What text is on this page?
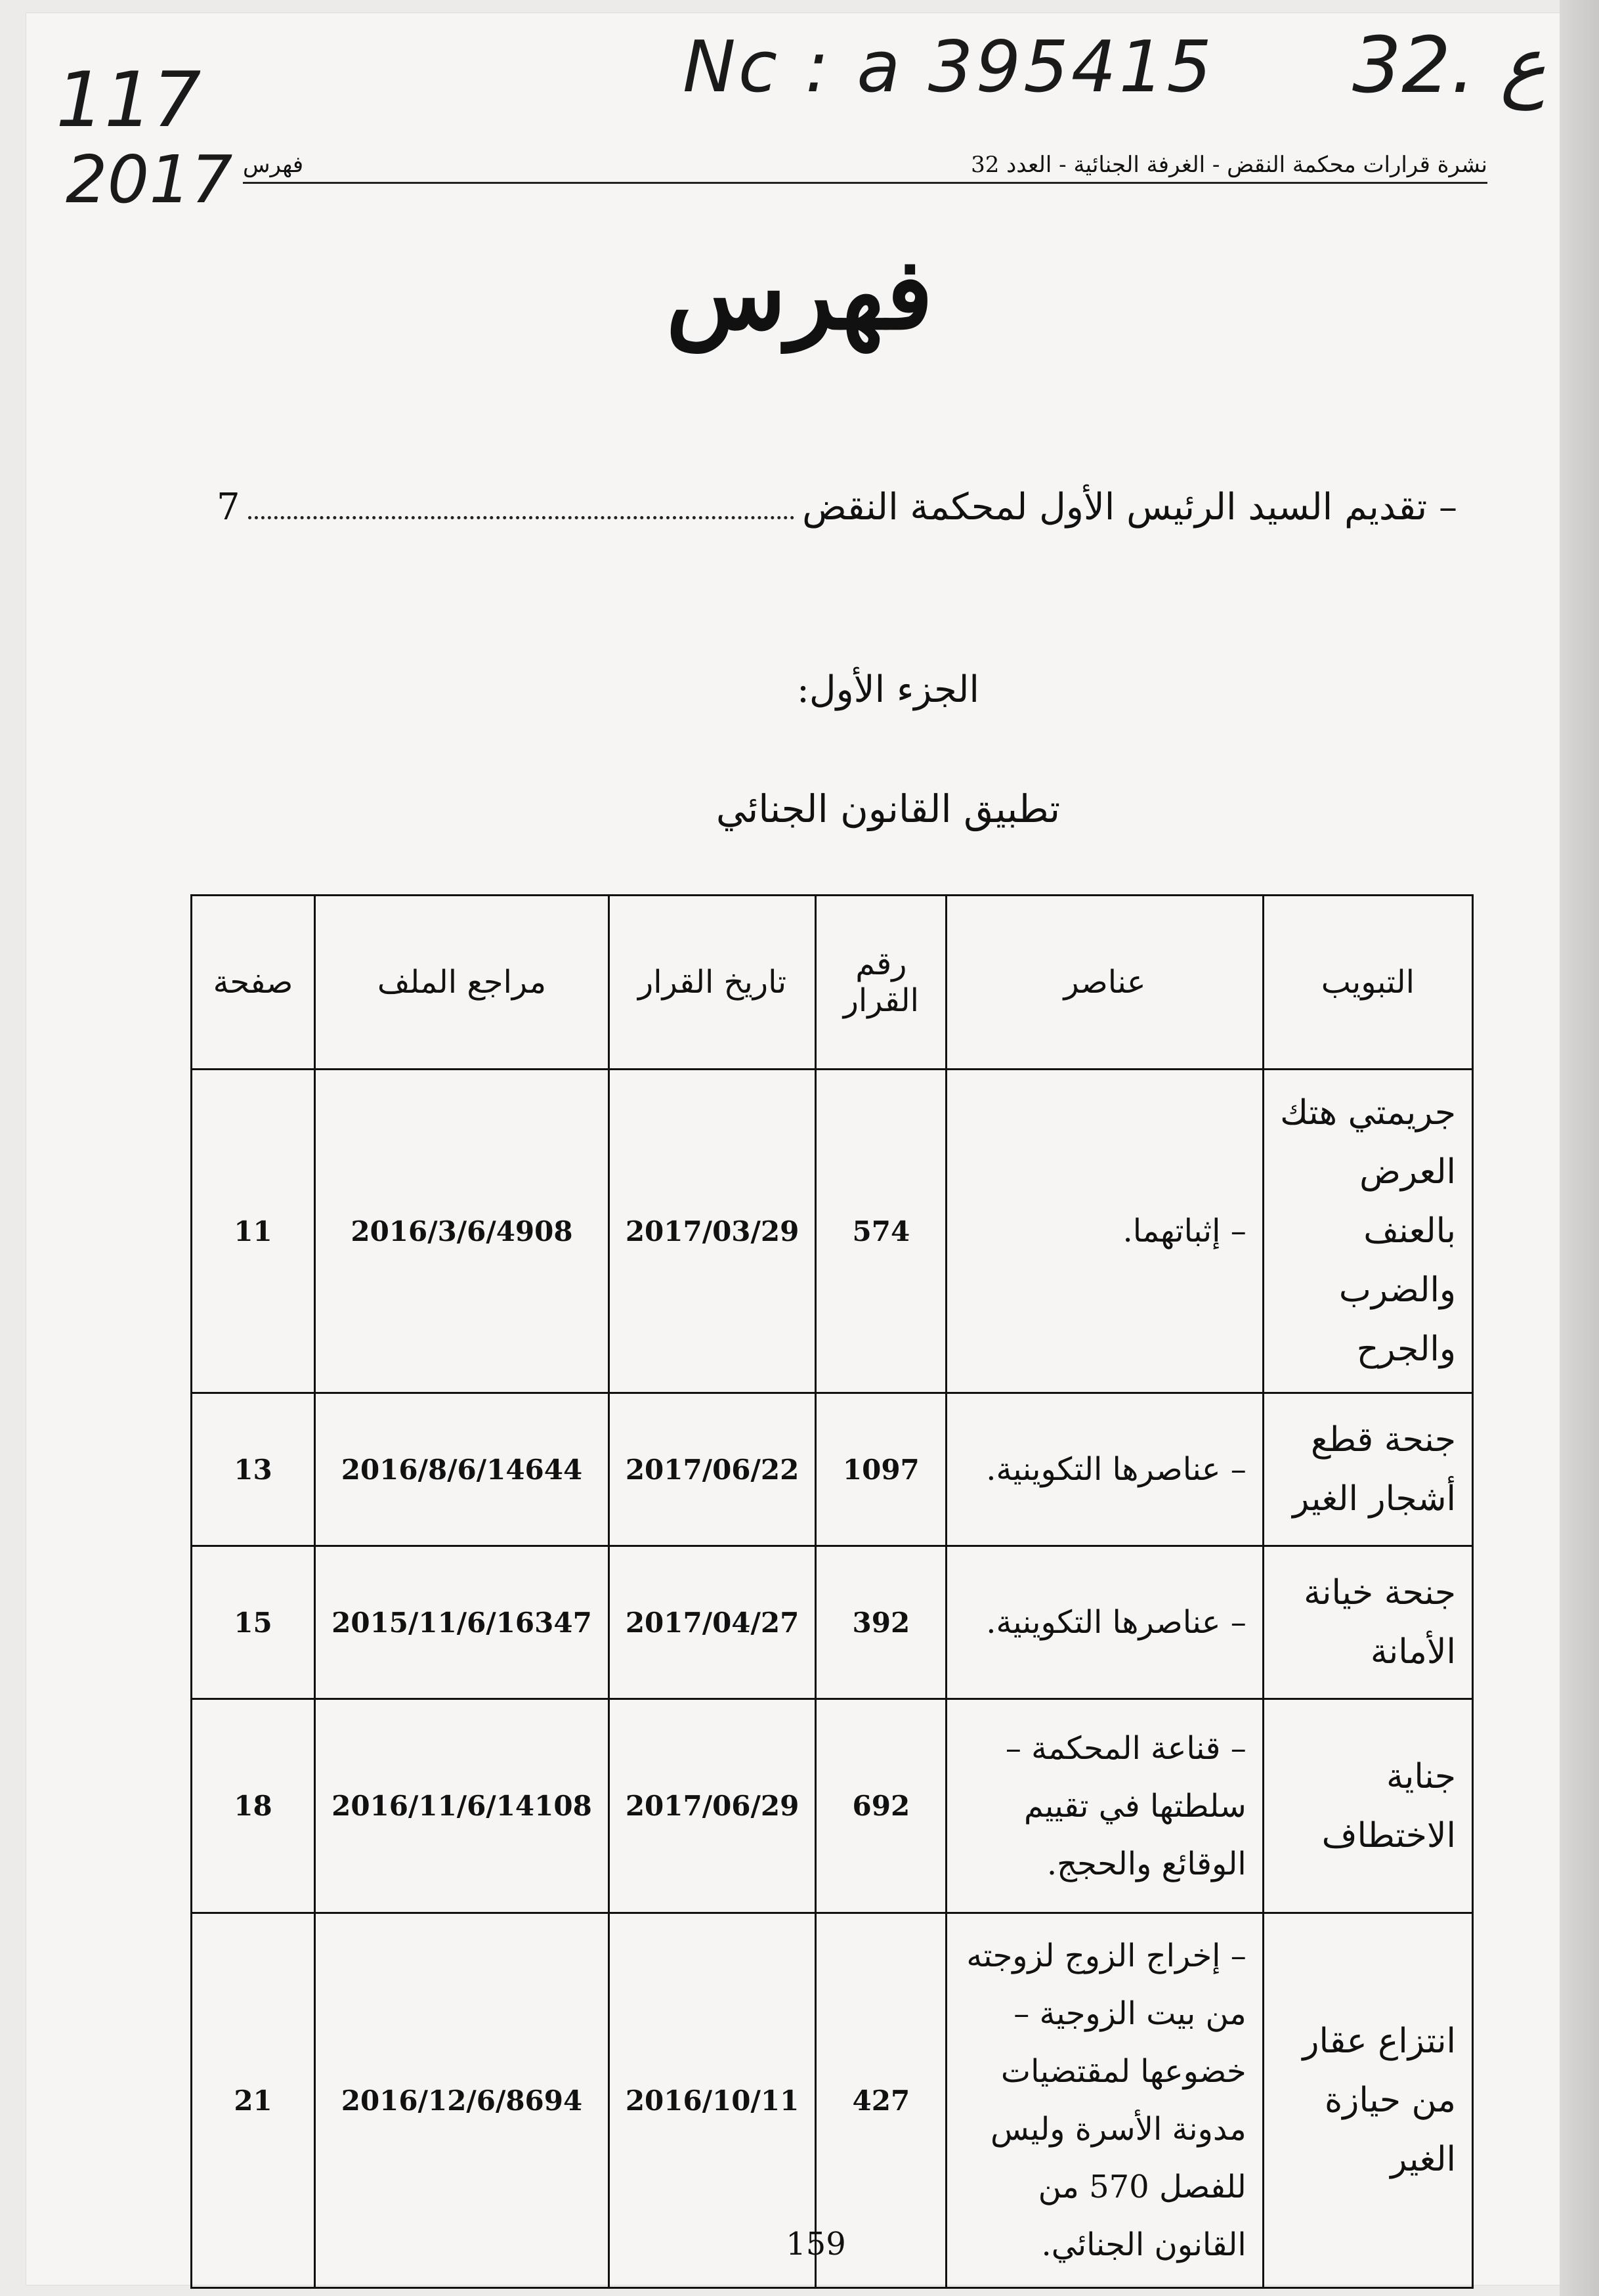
Nc : a 395415 32. ع
117
2017	نشرة قرارات محكمة النقض - الغرفة الجنائية - العدد 32
فهرس
فهرس
– تقديم السيد الرئيس الأول لمحكمة النقض
7
الجزء الأول:
تطبيق القانون الجنائي
التبويب	عناصر	رقم القرار	تاريخ القرار	مراجع الملف	صفحة
جريمتي هتك العرض بالعنف والضرب والجرح	– إثباتهما.	574	2017/03/29	2016/3/6/4908	11
جنحة قطع أشجار الغير	– عناصرها التكوينية.	1097	2017/06/22	2016/8/6/14644	13
جنحة خيانة الأمانة	– عناصرها التكوينية.	392	2017/04/27	2015/11/6/16347	15
جناية الاختطاف	– قناعة المحكمة – سلطتها في تقييم الوقائع والحجج.	692	2017/06/29	2016/11/6/14108	18
انتزاع عقار من حيازة الغير	– إخراج الزوج لزوجته من بيت الزوجية – خضوعها لمقتضيات مدونة الأسرة وليس للفصل 570 من القانون الجنائي.	427	2016/10/11	2016/12/6/8694	21
159
